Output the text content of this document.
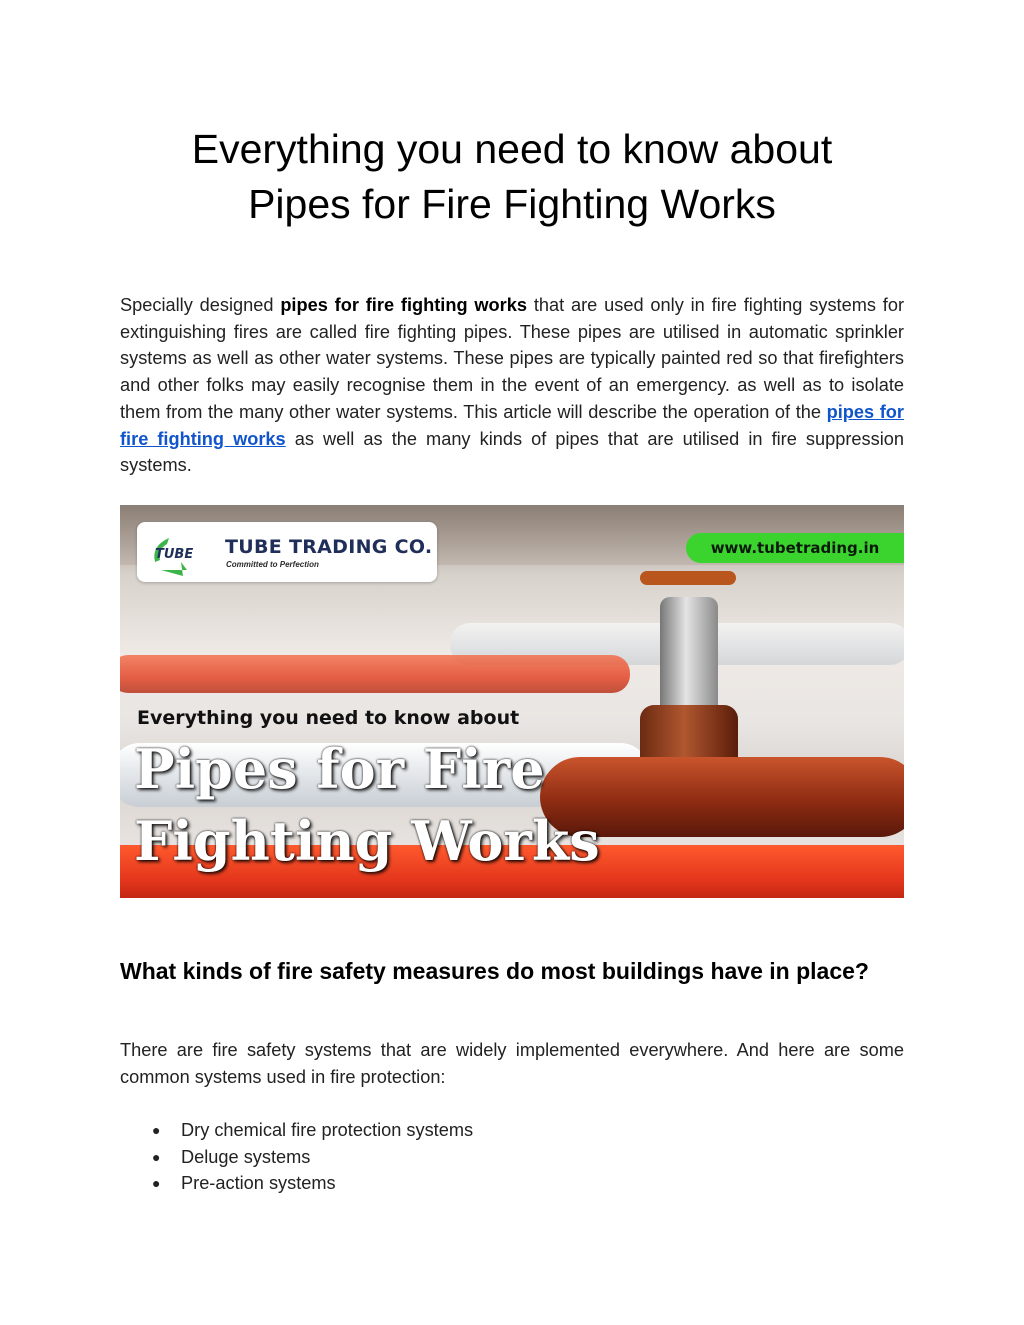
Everything you need to know about
Pipes for Fire Fighting Works

Specially designed pipes for fire fighting works that are used only in fire fighting systems for extinguishing fires are called fire fighting pipes. These pipes are utilised in automatic sprinkler systems as well as other water systems. These pipes are typically painted red so that firefighters and other folks may easily recognise them in the event of an emergency. as well as to isolate them from the many other water systems. This article will describe the operation of the pipes for fire fighting works as well as the many kinds of pipes that are utilised in fire suppression systems.

TUBE TUBE TRADING CO.
Committed to Perfection
www.tubetrading.in
Everything you need to know about
Pipes for Fire
Fighting Works
What kinds of fire safety measures do most buildings have in place?

There are fire safety systems that are widely implemented everywhere. And here are some common systems used in fire protection:

● Dry chemical fire protection systems
● Deluge systems
● Pre-action systems
